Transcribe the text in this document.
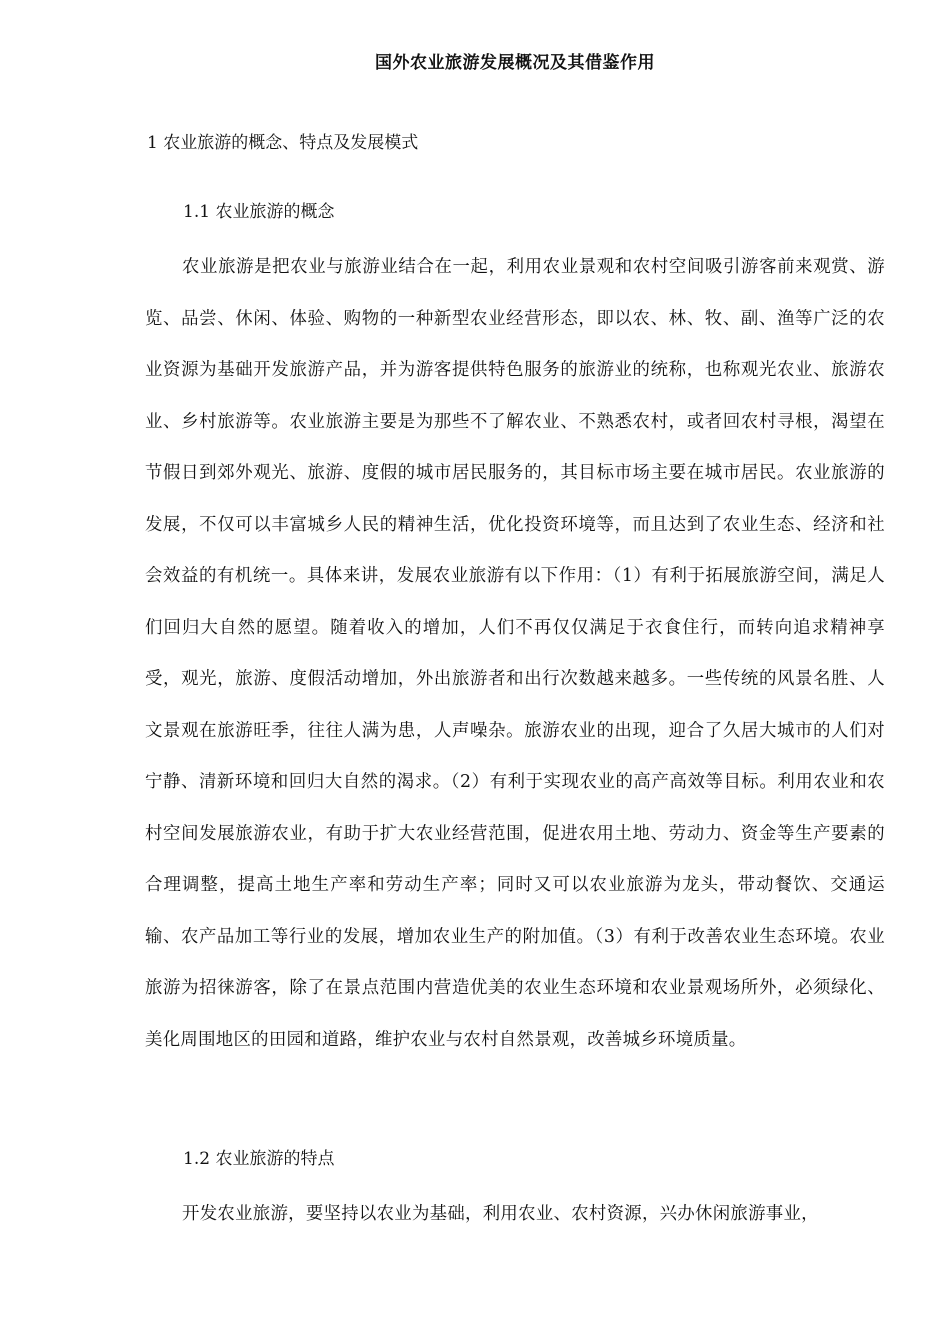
国外农业旅游发展概况及其借鉴作用
1 农业旅游的概念、特点及发展模式
1.1 农业旅游的概念

农业旅游是把农业与旅游业结合在一起，利用农业景观和农村空间吸引游客前来观赏、游览、品尝、休闲、体验、购物的一种新型农业经营形态，即以农、林、牧、副、渔等广泛的农业资源为基础开发旅游产品，并为游客提供特色服务的旅游业的统称，也称观光农业、旅游农业、乡村旅游等。农业旅游主要是为那些不了解农业、不熟悉农村，或者回农村寻根，渴望在节假日到郊外观光、旅游、度假的城市居民服务的，其目标市场主要在城市居民。农业旅游的发展，不仅可以丰富城乡人民的精神生活，优化投资环境等，而且达到了农业生态、经济和社会效益的有机统一。具体来讲，发展农业旅游有以下作用：（1）有利于拓展旅游空间，满足人们回归大自然的愿望。随着收入的增加，人们不再仅仅满足于衣食住行，而转向追求精神享受，观光，旅游、度假活动增加，外出旅游者和出行次数越来越多。一些传统的风景名胜、人文景观在旅游旺季，往往人满为患，人声噪杂。旅游农业的出现，迎合了久居大城市的人们对宁静、清新环境和回归大自然的渴求。（2）有利于实现农业的高产高效等目标。利用农业和农村空间发展旅游农业，有助于扩大农业经营范围，促进农用土地、劳动力、资金等生产要素的合理调整，提高土地生产率和劳动生产率；同时又可以农业旅游为龙头，带动餐饮、交通运输、农产品加工等行业的发展，增加农业生产的附加值。（3）有利于改善农业生态环境。农业旅游为招徕游客，除了在景点范围内营造优美的农业生态环境和农业景观场所外，必须绿化、美化周围地区的田园和道路，维护农业与农村自然景观，改善城乡环境质量。

1.2 农业旅游的特点

开发农业旅游，要坚持以农业为基础，利用农业、农村资源，兴办休闲旅游事业，
